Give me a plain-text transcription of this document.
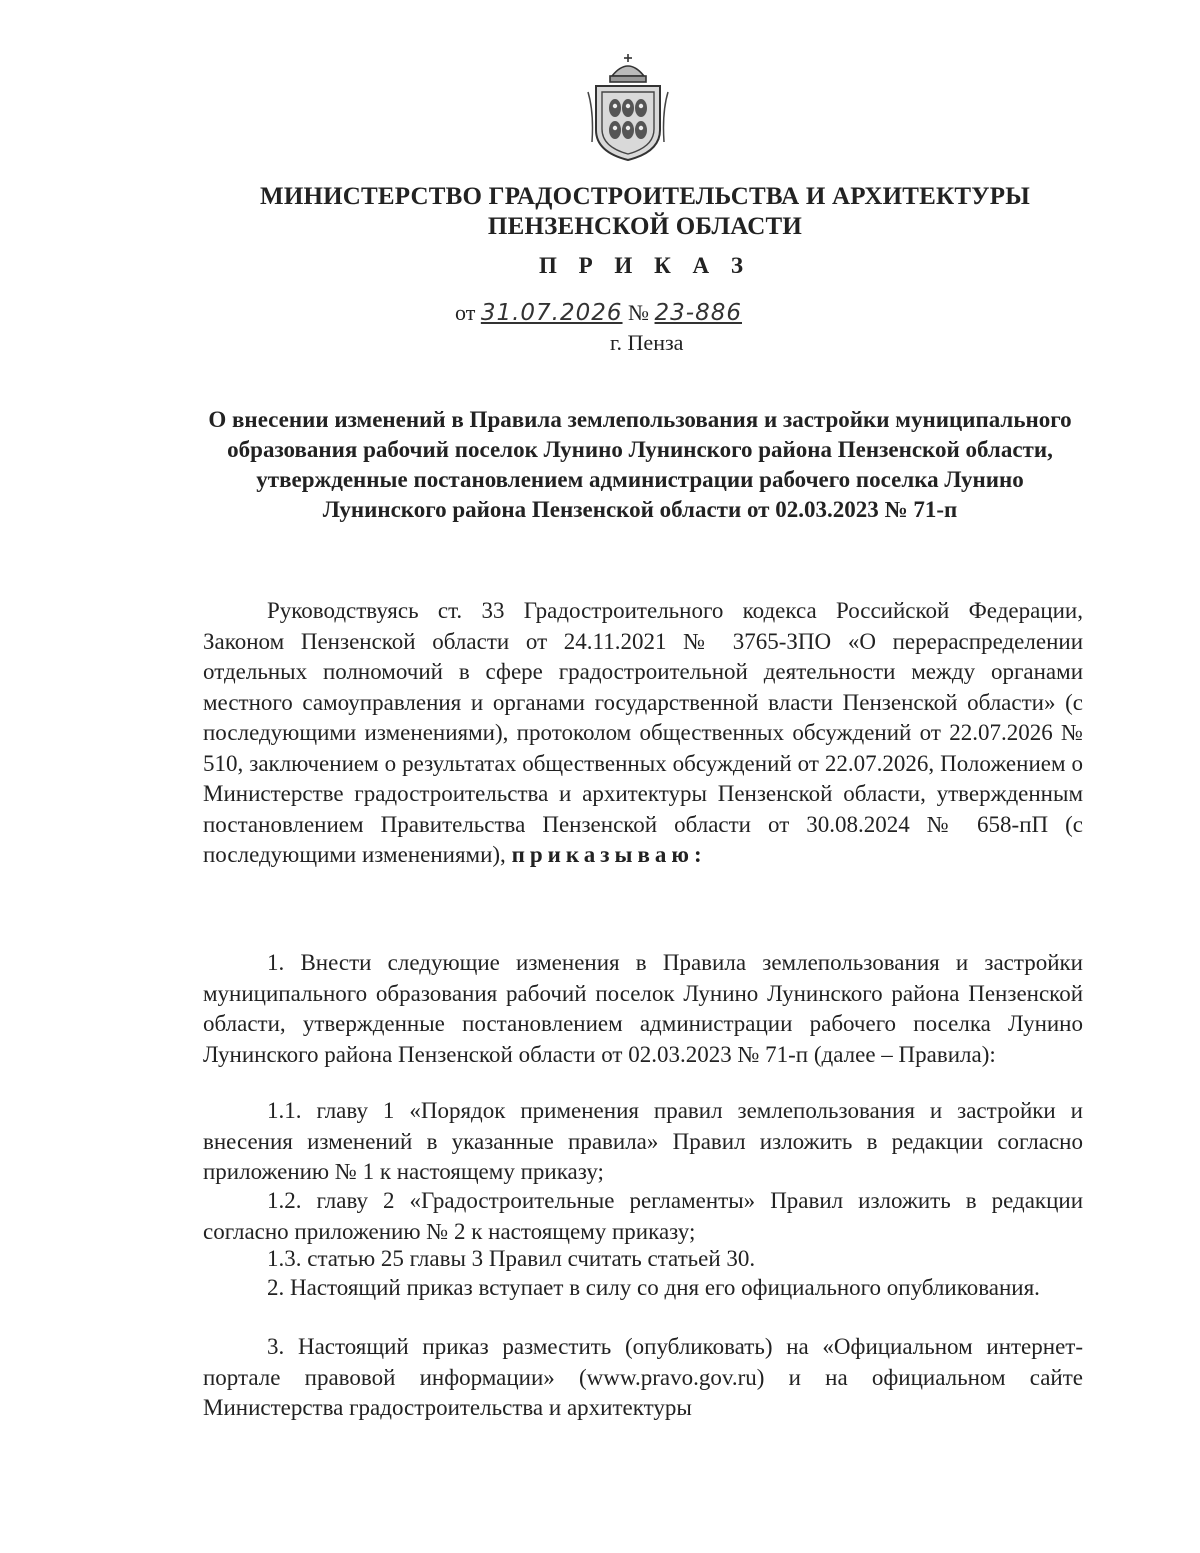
МИНИСТЕРСТВО ГРАДОСТРОИТЕЛЬСТВА И АРХИТЕКТУРЫ
ПЕНЗЕНСКОЙ ОБЛАСТИ
П Р И К А З
от 31.07.2026 № 23-886
г. Пенза
О внесении изменений в Правила землепользования и застройки муниципального образования рабочий поселок Лунино Лунинского района Пензенской области, утвержденные постановлением администрации рабочего поселка Лунино Лунинского района Пензенской области от 02.03.2023 № 71-п

Руководствуясь ст. 33 Градостроительного кодекса Российской Федерации, Законом Пензенской области от 24.11.2021 № 3765-ЗПО «О перераспределении отдельных полномочий в сфере градостроительной деятельности между органами местного самоуправления и органами государственной власти Пензенской области» (с последующими изменениями), протоколом общественных обсуждений от 22.07.2026 № 510, заключением о результатах общественных обсуждений от 22.07.2026, Положением о Министерстве градостроительства и архитектуры Пензенской области, утвержденным постановлением Правительства Пензенской области от 30.08.2024 № 658-пП (с последующими изменениями), приказываю:

1. Внести следующие изменения в Правила землепользования и застройки муниципального образования рабочий поселок Лунино Лунинского района Пензенской области, утвержденные постановлением администрации рабочего поселка Лунино Лунинского района Пензенской области от 02.03.2023 № 71-п (далее – Правила):

1.1. главу 1 «Порядок применения правил землепользования и застройки и внесения изменений в указанные правила» Правил изложить в редакции согласно приложению № 1 к настоящему приказу;

1.2. главу 2 «Градостроительные регламенты» Правил изложить в редакции согласно приложению № 2 к настоящему приказу;

1.3. статью 25 главы 3 Правил считать статьей 30.

2. Настоящий приказ вступает в силу со дня его официального опубликования.

3. Настоящий приказ разместить (опубликовать) на «Официальном интернет-портале правовой информации» (www.pravo.gov.ru) и на официальном сайте Министерства градостроительства и архитектуры
